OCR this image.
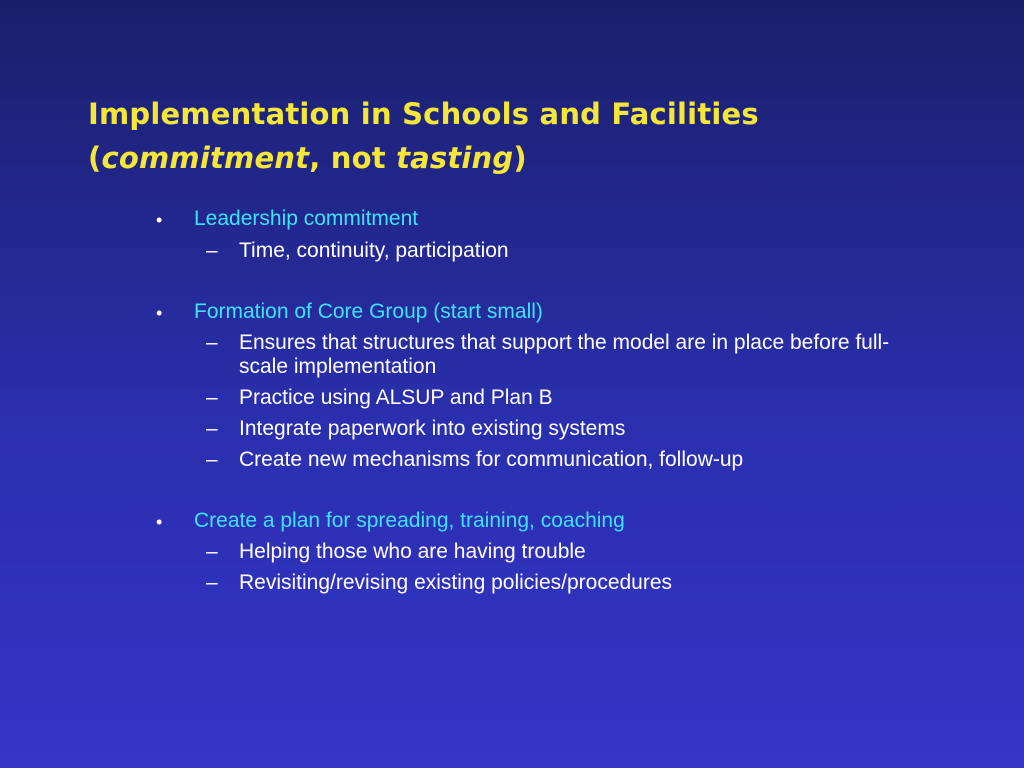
Implementation in Schools and Facilities
(commitment, not tasting)
• Leadership commitment
– Time, continuity, participation
• Formation of Core Group (start small)
– Ensures that structures that support the model are in place before full-scale implementation
– Practice using ALSUP and Plan B
– Integrate paperwork into existing systems
– Create new mechanisms for communication, follow-up
• Create a plan for spreading, training, coaching
– Helping those who are having trouble
– Revisiting/revising existing policies/procedures
